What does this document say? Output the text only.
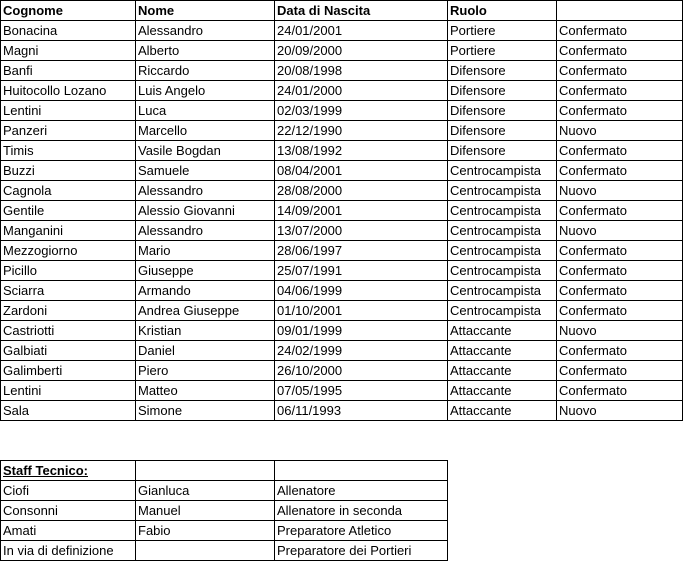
Cognome	Nome	Data di Nascita	Ruolo	
Bonacina	Alessandro	24/01/2001	Portiere	Confermato
Magni	Alberto	20/09/2000	Portiere	Confermato
Banfi	Riccardo	20/08/1998	Difensore	Confermato
Huitocollo Lozano	Luis Angelo	24/01/2000	Difensore	Confermato
Lentini	Luca	02/03/1999	Difensore	Confermato
Panzeri	Marcello	22/12/1990	Difensore	Nuovo
Timis	Vasile Bogdan	13/08/1992	Difensore	Confermato
Buzzi	Samuele	08/04/2001	Centrocampista	Confermato
Cagnola	Alessandro	28/08/2000	Centrocampista	Nuovo
Gentile	Alessio Giovanni	14/09/2001	Centrocampista	Confermato
Manganini	Alessandro	13/07/2000	Centrocampista	Nuovo
Mezzogiorno	Mario	28/06/1997	Centrocampista	Confermato
Picillo	Giuseppe	25/07/1991	Centrocampista	Confermato
Sciarra	Armando	04/06/1999	Centrocampista	Confermato
Zardoni	Andrea Giuseppe	01/10/2001	Centrocampista	Confermato
Castriotti	Kristian	09/01/1999	Attaccante	Nuovo
Galbiati	Daniel	24/02/1999	Attaccante	Confermato
Galimberti	Piero	26/10/2000	Attaccante	Confermato
Lentini	Matteo	07/05/1995	Attaccante	Confermato
Sala	Simone	06/11/1993	Attaccante	Nuovo
Staff Tecnico:		
Ciofi	Gianluca	Allenatore
Consonni	Manuel	Allenatore in seconda
Amati	Fabio	Preparatore Atletico
In via di definizione		Preparatore dei Portieri
